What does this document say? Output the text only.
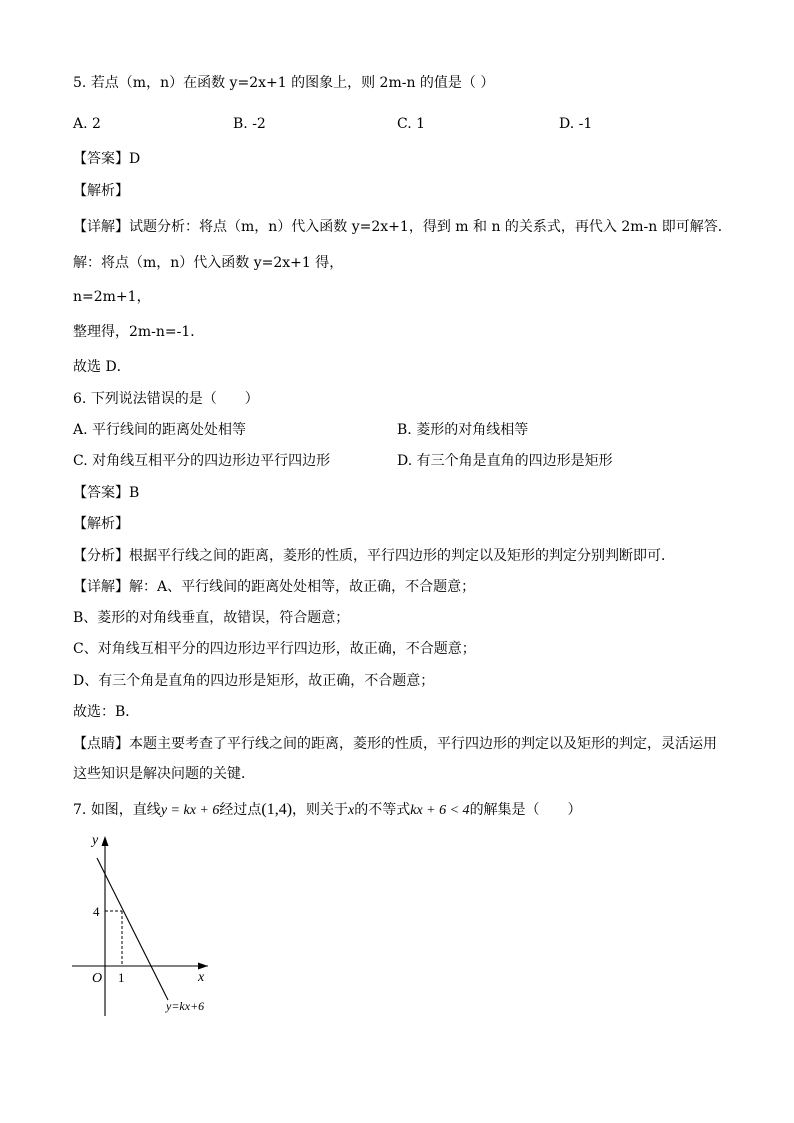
5. 若点（m，n）在函数 y=2x+1 的图象上，则 2m-n 的值是（ ）
A. 2	B. -2	C. 1	D. -1
【答案】D
【解析】
【详解】试题分析：将点（m，n）代入函数 y=2x+1，得到 m 和 n 的关系式，再代入 2m-n 即可解答．
解：将点（m，n）代入函数 y=2x+1 得，
n=2m+1，
整理得，2m-n=-1．
故选 D．
6. 下列说法错误的是（　　）
A. 平行线间的距离处处相等	B. 菱形的对角线相等
C. 对角线互相平分的四边形边平行四边形	D. 有三个角是直角的四边形是矩形
【答案】B
【解析】
【分析】根据平行线之间的距离，菱形的性质，平行四边形的判定以及矩形的判定分别判断即可．
【详解】解：A、平行线间的距离处处相等，故正确，不合题意；
B、菱形的对角线垂直，故错误，符合题意；
C、对角线互相平分的四边形边平行四边形，故正确，不合题意；
D、有三个角是直角的四边形是矩形，故正确，不合题意；
故选：B．
【点睛】本题主要考查了平行线之间的距离，菱形的性质，平行四边形的判定以及矩形的判定，灵活运用
这些知识是解决问题的关键．
7. 如图，直线y = kx + 6经过点(1,4)，则关于x的不等式kx + 6 < 4的解集是（　　）
y
x
O 1
4
y=kx+6
